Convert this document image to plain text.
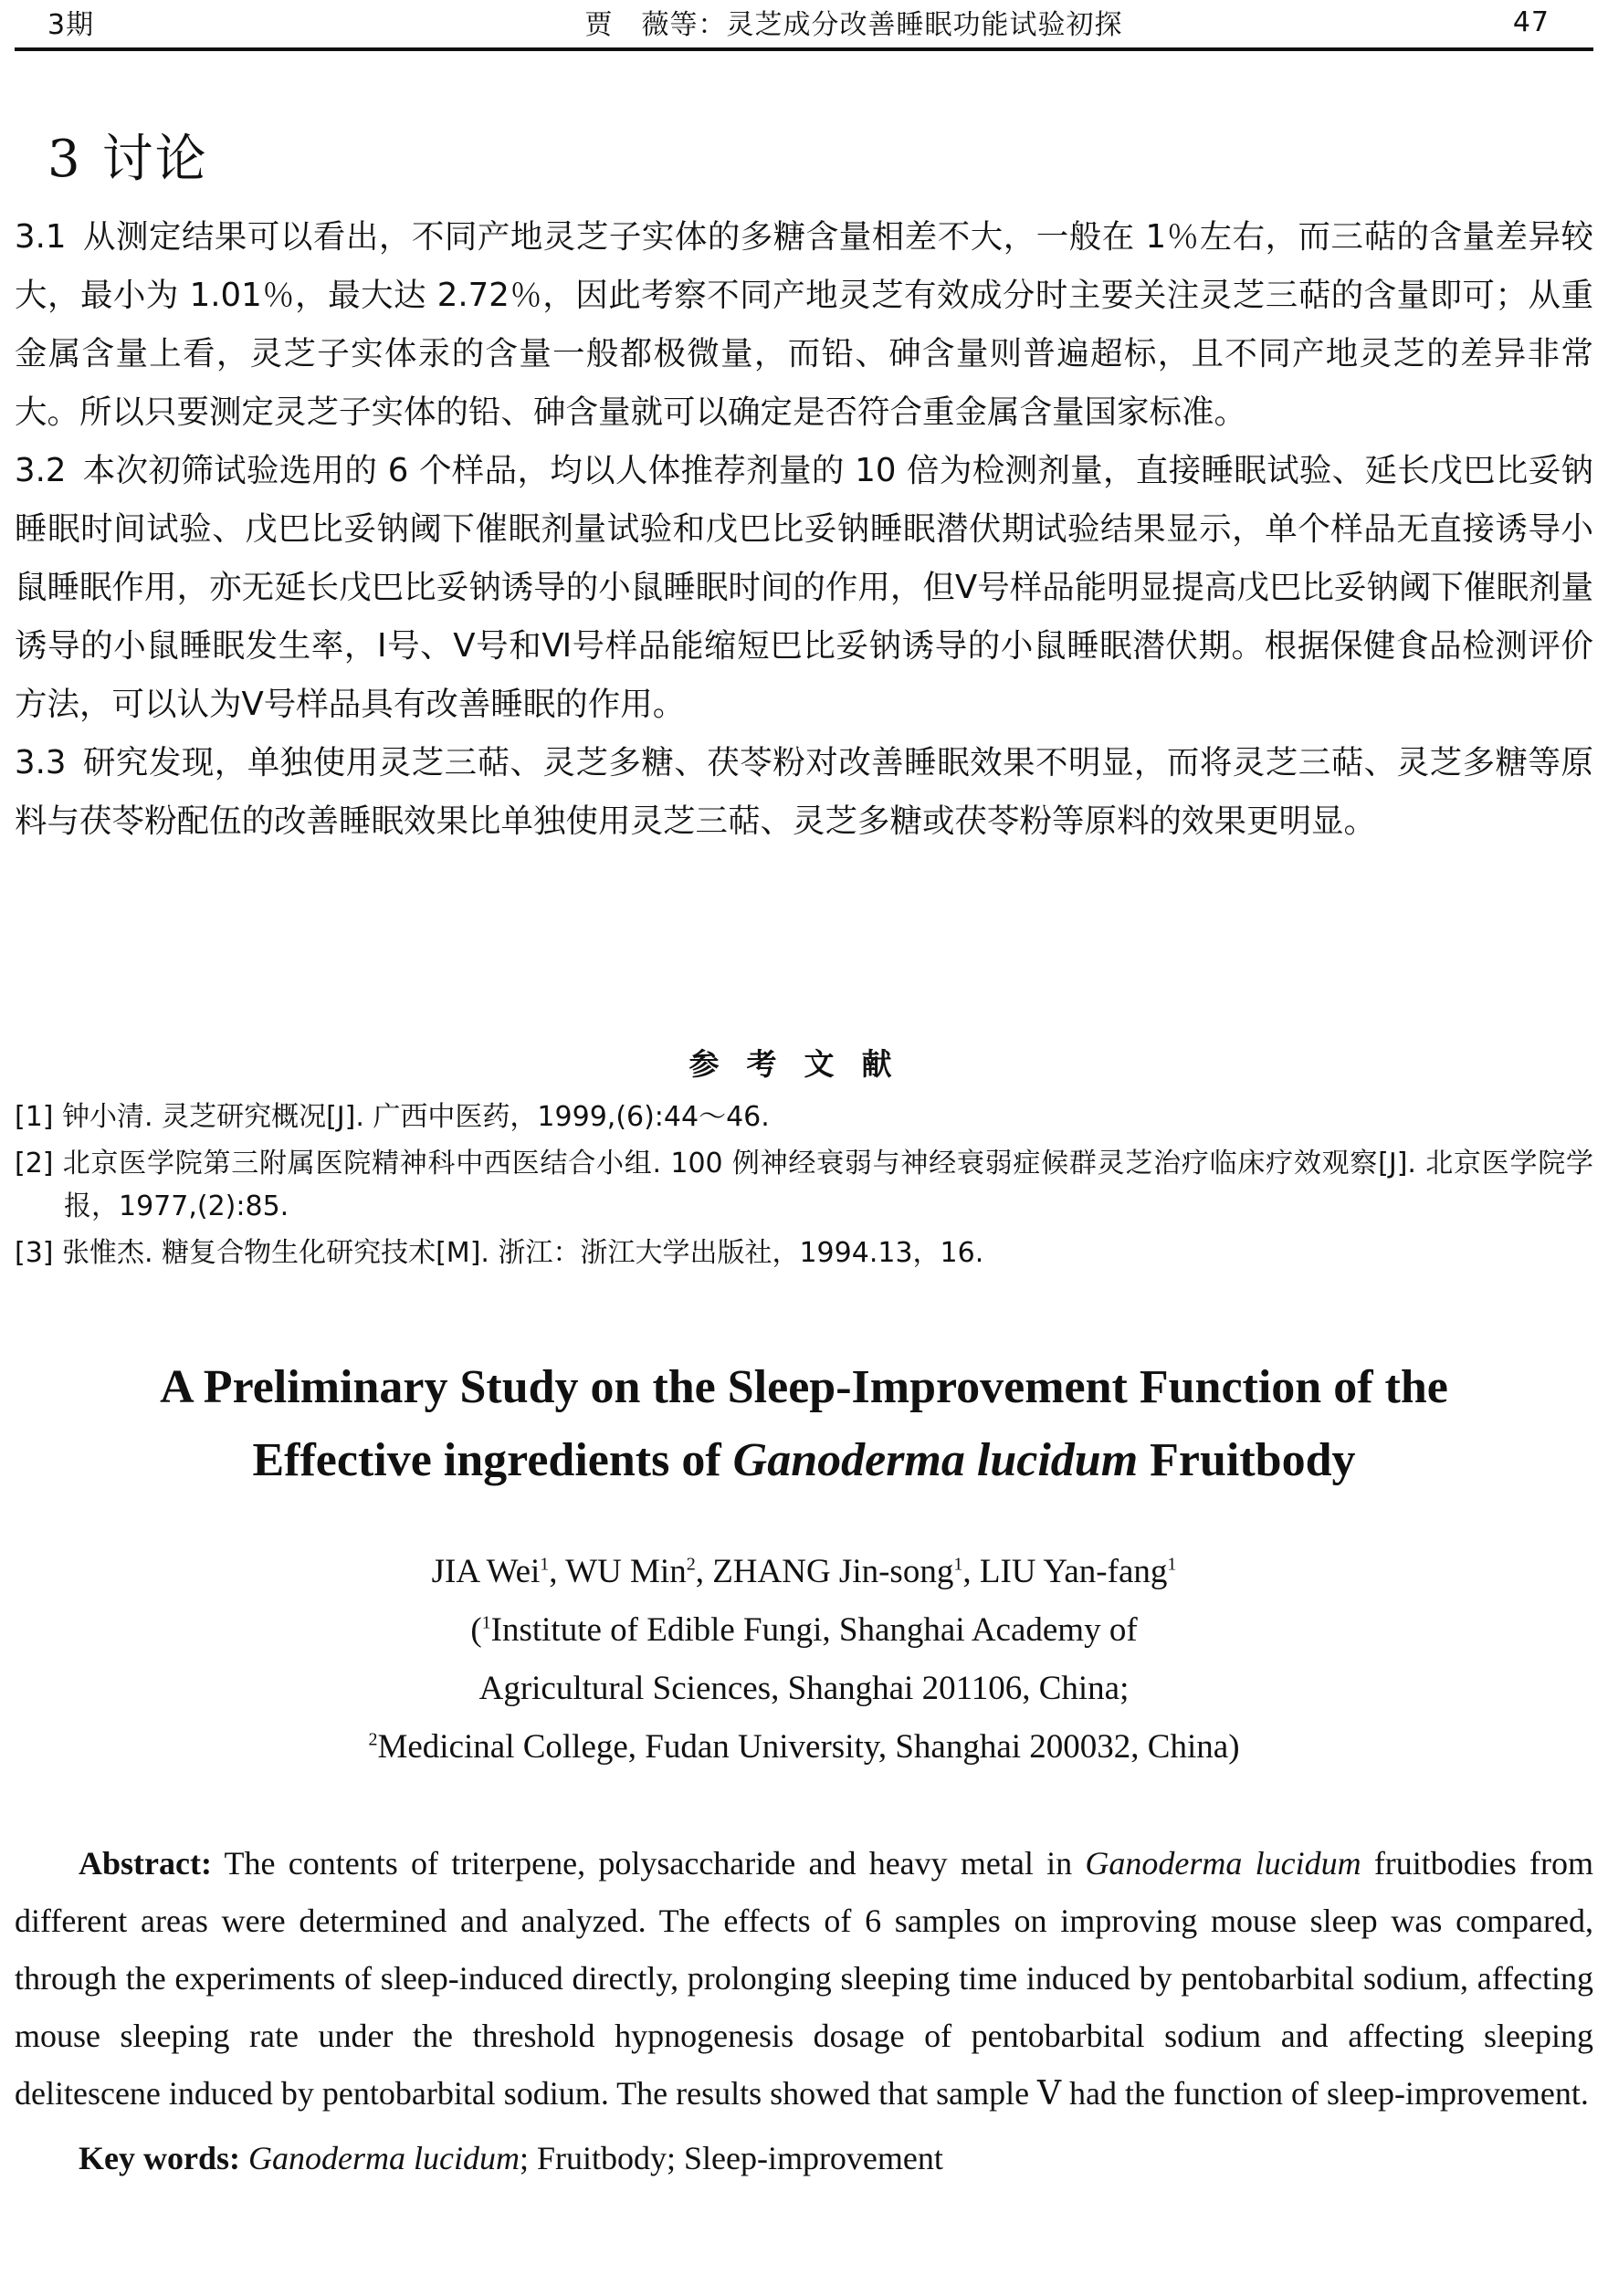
3期	贾　薇等：灵芝成分改善睡眠功能试验初探	47
3 讨论

3.1 从测定结果可以看出，不同产地灵芝子实体的多糖含量相差不大，一般在 1％左右，而三萜的含量差异较大，最小为 1.01％，最大达 2.72％，因此考察不同产地灵芝有效成分时主要关注灵芝三萜的含量即可；从重金属含量上看，灵芝子实体汞的含量一般都极微量，而铅、砷含量则普遍超标，且不同产地灵芝的差异非常大。所以只要测定灵芝子实体的铅、砷含量就可以确定是否符合重金属含量国家标准。

3.2 本次初筛试验选用的 6 个样品，均以人体推荐剂量的 10 倍为检测剂量，直接睡眠试验、延长戊巴比妥钠睡眠时间试验、戊巴比妥钠阈下催眠剂量试验和戊巴比妥钠睡眠潜伏期试验结果显示，单个样品无直接诱导小鼠睡眠作用，亦无延长戊巴比妥钠诱导的小鼠睡眠时间的作用，但Ⅴ号样品能明显提高戊巴比妥钠阈下催眠剂量诱导的小鼠睡眠发生率，Ⅰ号、Ⅴ号和Ⅵ号样品能缩短巴比妥钠诱导的小鼠睡眠潜伏期。根据保健食品检测评价方法，可以认为Ⅴ号样品具有改善睡眠的作用。

3.3 研究发现，单独使用灵芝三萜、灵芝多糖、茯苓粉对改善睡眠效果不明显，而将灵芝三萜、灵芝多糖等原料与茯苓粉配伍的改善睡眠效果比单独使用灵芝三萜、灵芝多糖或茯苓粉等原料的效果更明显。

参考文献

[1] 钟小清. 灵芝研究概况[J]. 广西中医药，1999,(6):44～46.

[2] 北京医学院第三附属医院精神科中西医结合小组. 100 例神经衰弱与神经衰弱症候群灵芝治疗临床疗效观察[J]. 北京医学院学报，1977,(2):85.

[3] 张惟杰. 糖复合物生化研究技术[M]. 浙江：浙江大学出版社，1994.13，16.

A Preliminary Study on the Sleep-Improvement Function of the
Effective ingredients of Ganoderma lucidum Fruitbody
JIA Wei$^1$, WU Min$^2$, ZHANG Jin-song$^1$, LIU Yan-fang$^1$
($^1$Institute of Edible Fungi, Shanghai Academy of
Agricultural Sciences, Shanghai 201106, China;
$^2$Medicinal College, Fudan University, Shanghai 200032, China)

Abstract: The contents of triterpene, polysaccharide and heavy metal in Ganoderma lucidum fruitbodies from different areas were determined and analyzed. The effects of 6 samples on improving mouse sleep was compared, through the experiments of sleep-induced directly, prolonging sleeping time induced by pentobarbital sodium, affecting mouse sleeping rate under the threshold hypnogenesis dosage of pentobarbital sodium and affecting sleeping delitescene induced by pentobarbital sodium. The results showed that sample Ⅴ had the function of sleep-improvement.

Key words: Ganoderma lucidum; Fruitbody; Sleep-improvement
